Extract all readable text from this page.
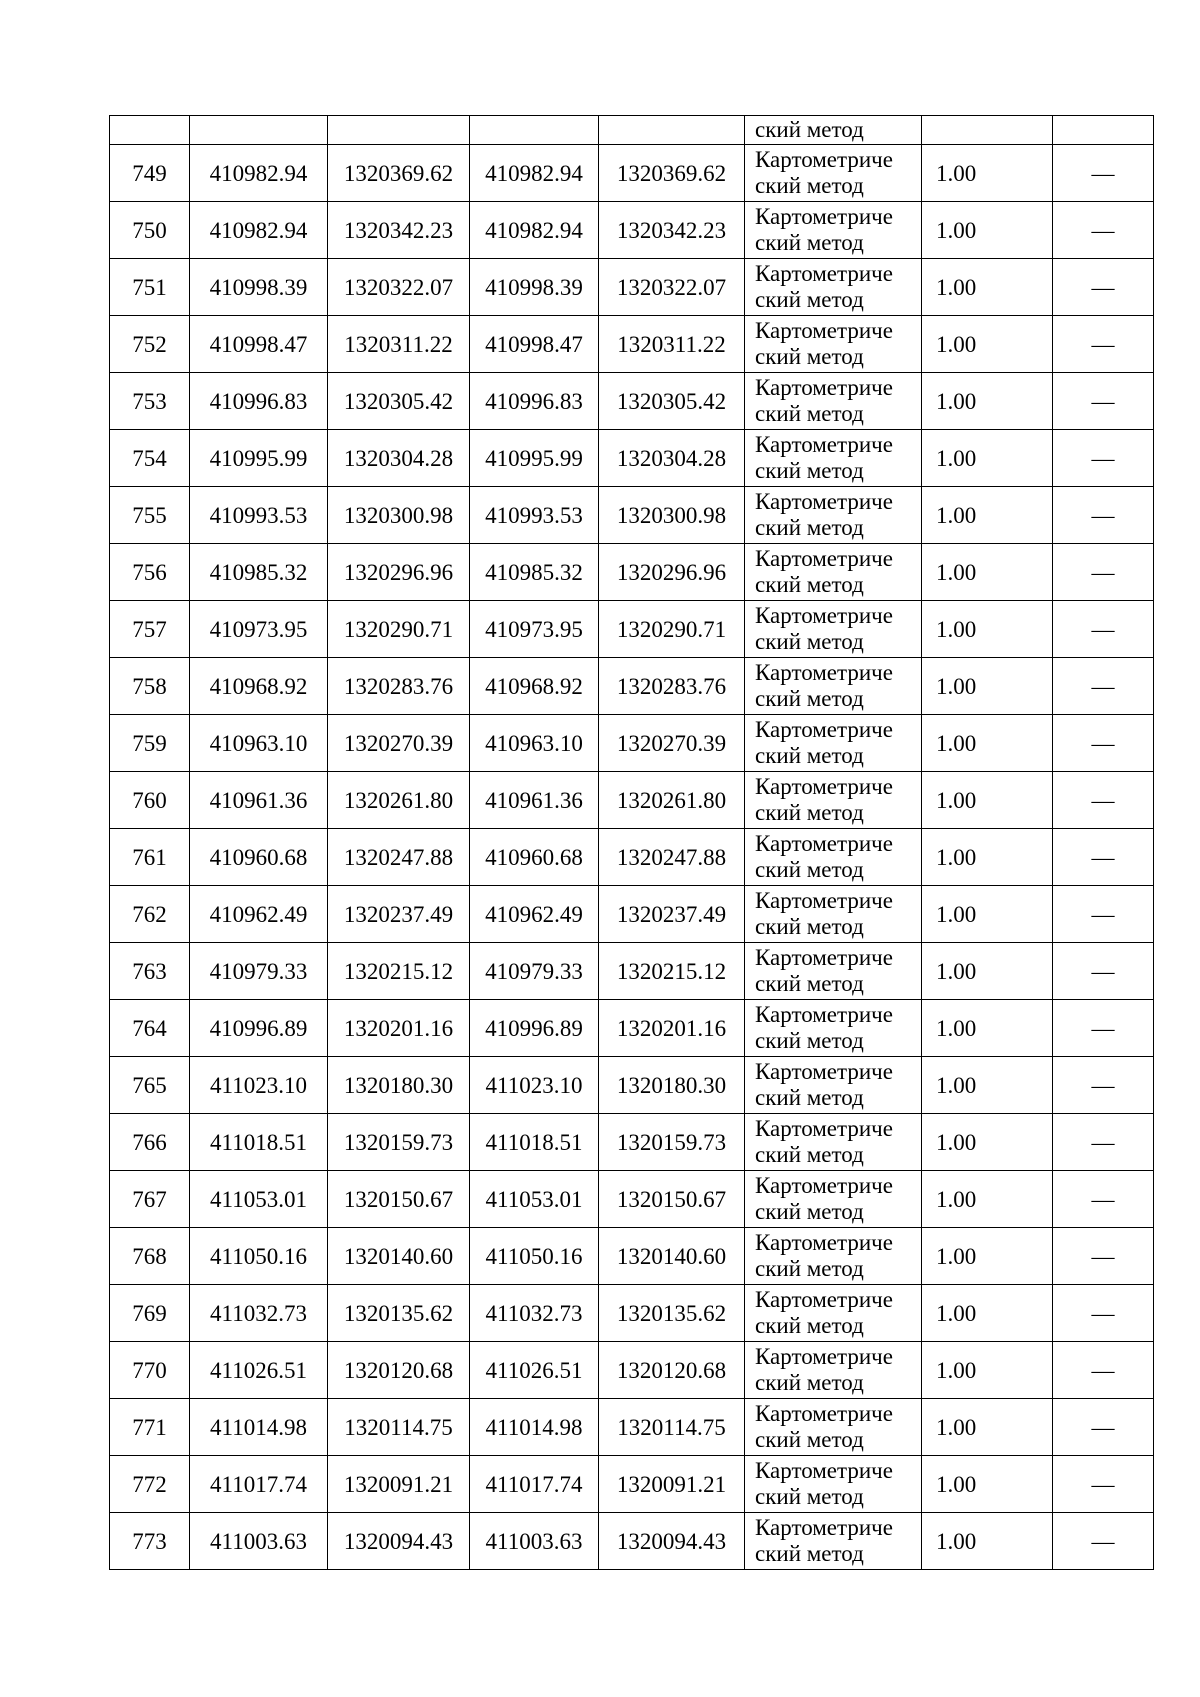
					ский метод		

749	410982.94	1320369.62	410982.94	1320369.62	Картометриче
ский метод	1.00	—
750	410982.94	1320342.23	410982.94	1320342.23	Картометриче
ский метод	1.00	—
751	410998.39	1320322.07	410998.39	1320322.07	Картометриче
ский метод	1.00	—
752	410998.47	1320311.22	410998.47	1320311.22	Картометриче
ский метод	1.00	—
753	410996.83	1320305.42	410996.83	1320305.42	Картометриче
ский метод	1.00	—
754	410995.99	1320304.28	410995.99	1320304.28	Картометриче
ский метод	1.00	—
755	410993.53	1320300.98	410993.53	1320300.98	Картометриче
ский метод	1.00	—
756	410985.32	1320296.96	410985.32	1320296.96	Картометриче
ский метод	1.00	—
757	410973.95	1320290.71	410973.95	1320290.71	Картометриче
ский метод	1.00	—
758	410968.92	1320283.76	410968.92	1320283.76	Картометриче
ский метод	1.00	—
759	410963.10	1320270.39	410963.10	1320270.39	Картометриче
ский метод	1.00	—
760	410961.36	1320261.80	410961.36	1320261.80	Картометриче
ский метод	1.00	—
761	410960.68	1320247.88	410960.68	1320247.88	Картометриче
ский метод	1.00	—
762	410962.49	1320237.49	410962.49	1320237.49	Картометриче
ский метод	1.00	—
763	410979.33	1320215.12	410979.33	1320215.12	Картометриче
ский метод	1.00	—
764	410996.89	1320201.16	410996.89	1320201.16	Картометриче
ский метод	1.00	—
765	411023.10	1320180.30	411023.10	1320180.30	Картометриче
ский метод	1.00	—
766	411018.51	1320159.73	411018.51	1320159.73	Картометриче
ский метод	1.00	—
767	411053.01	1320150.67	411053.01	1320150.67	Картометриче
ский метод	1.00	—
768	411050.16	1320140.60	411050.16	1320140.60	Картометриче
ский метод	1.00	—
769	411032.73	1320135.62	411032.73	1320135.62	Картометриче
ский метод	1.00	—
770	411026.51	1320120.68	411026.51	1320120.68	Картометриче
ский метод	1.00	—
771	411014.98	1320114.75	411014.98	1320114.75	Картометриче
ский метод	1.00	—
772	411017.74	1320091.21	411017.74	1320091.21	Картометриче
ский метод	1.00	—
773	411003.63	1320094.43	411003.63	1320094.43	Картометриче
ский метод	1.00	—
